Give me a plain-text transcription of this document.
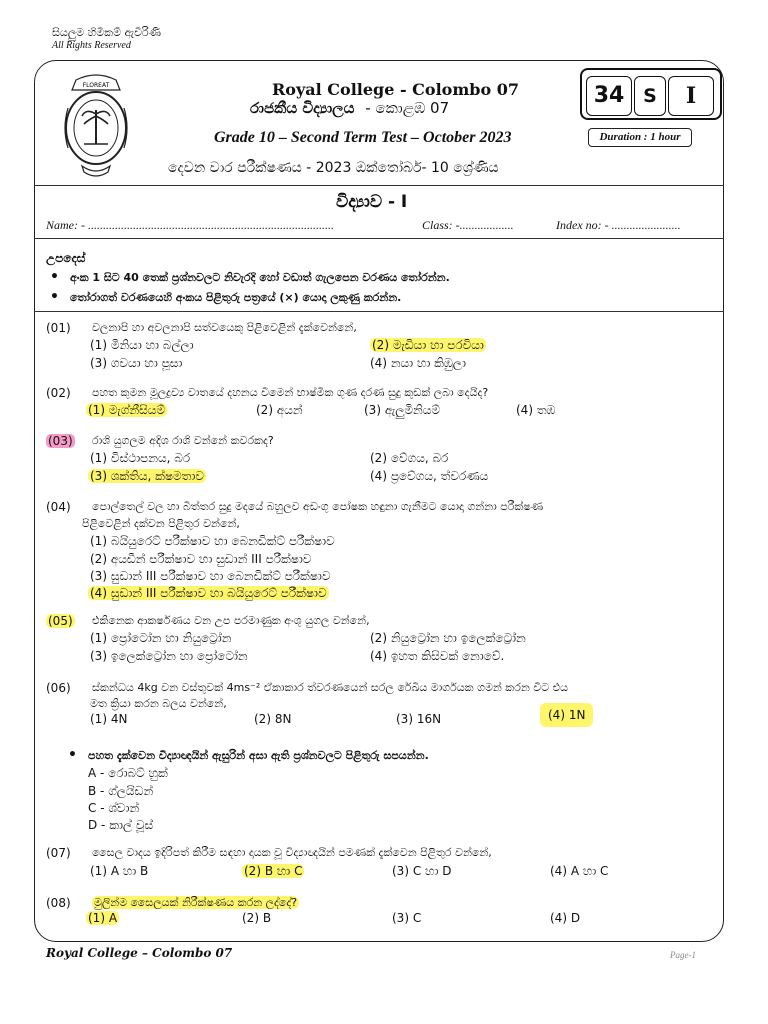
සියලුම හිමිකම් ඇවිරිණි
All Rights Reserved
FLOREAT	Royal College - Colombo 07
රාජකීය විද්‍යාලය - කොළඹ 07
Grade 10 – Second Term Test – October 2023	Duration : 1 hour
දෙවන වාර පරීක්ෂණය - 2023 ඔක්තෝබර්- 10 ශ්‍රේණිය
34 S	I
විද්‍යාව - I
Name: - ..................................................................................	Class: -..................	Index no: - .......................
උපදෙස්
• අංක 1 සිට 40 තෙක් ප්‍රශ්නවලට නිවැරදි හෝ වඩාත් ගැලපෙන වරණය තෝරන්න.
• තෝරාගත් වරණයෙහි අංකය පිළිතුරු පත්‍රයේ (×) යොදා ලකුණු කරන්න.
(01) වලනාපි හා අවලනාපි සත්වයෙකු පිළිවෙළින් දැක්වෙන්නේ,
(1) මීනියා හා බල්ලා	(2) මැඩියා හා පරවියා
(3) ගවයා හා පූසා	(4) නයා හා කිඹුලා
(02) පහත කුමන මූලද්‍රව්‍ය වාතයේ දහනය වීමෙන් භාෂ්මික ගුණ දරණ සුදු කුඩක් ලබා දෙයිද?
(1) මැග්නීසියම්	(2) අයන්	(3) ඇලුමිනියම්	(4) තඹ
(03) රාශි යුගලම අදිශ රාශි වන්නේ කවරකද?
(1) විස්ථාපනය, බර	(2) වේගය, බර
(3) ශක්තිය, ක්ෂමතාව	(4) ප්‍රවේගය, ත්වරණය
(04) පොල්තෙල් වල හා බිත්තර සුදු මදයේ බහුලව අඩංගු පෝෂක හඳුනා ගැනීමට යොදා ගන්නා පරීක්ෂණ
පිළිවෙළින් දක්වන පිළිතුර වන්නේ,
(1) බයියුරෙට් පරීක්ෂාව හා බෙනඩික්ට් පරීක්ෂාව
(2) අයඩීන් පරීක්ෂාව හා සුඩාන් III පරීක්ෂාව
(3) සුඩාන් III පරීක්ෂාව හා බෙනඩික්ට් පරීක්ෂාව
(4) සුඩාන් III පරීක්ෂාව හා බයියුරෙට් පරීක්ෂාව
(05) එකිනෙක ආකර්ෂණය වන උප පරමාණුක අංශු යුගල වන්නේ,
(1) ප්‍රෝටෝන හා නියුට්‍රෝන	(2) නියුට්‍රෝන හා ඉලෙක්ට්‍රෝන
(3) ඉලෙක්ට්‍රෝන හා ප්‍රෝටෝන	(4) ඉහත කිසිවක් නොවේ.
(06) ස්කන්ධය 4kg වන වස්තුවක් 4ms⁻² ඒකාකාර ත්වරණයෙන් සරල රේඛීය මාර්ගයක ගමන් කරන විට එය
මත ක්‍රියා කරන බලය වන්නේ,
(1) 4N	(2) 8N	(3) 16N	(4) 1N
• පහත දැක්වෙන විද්‍යාඥයින් ඇසුරින් අසා ඇති ප්‍රශ්නවලට පිළිතුරු සපයන්න.
A - රොබට් හුක්
B - ග්ලයිඩන්
C - ශ්වාන්
D - කාල් වූස්
(07) සෛල වාදය ඉදිරිපත් කිරීම සඳහා දායක වූ විද්‍යාඥයින් පමණක් දැක්වෙන පිළිතුර වන්නේ,
(1) A හා B	(2) B හා C	(3) C හා D	(4) A හා C
(08) මුලින්ම සෛලයක් නිරීක්ෂණය කරන ලද්දේ?
(1) A	(2) B	(3) C	(4) D
Royal College – Colombo 07	Page-1
